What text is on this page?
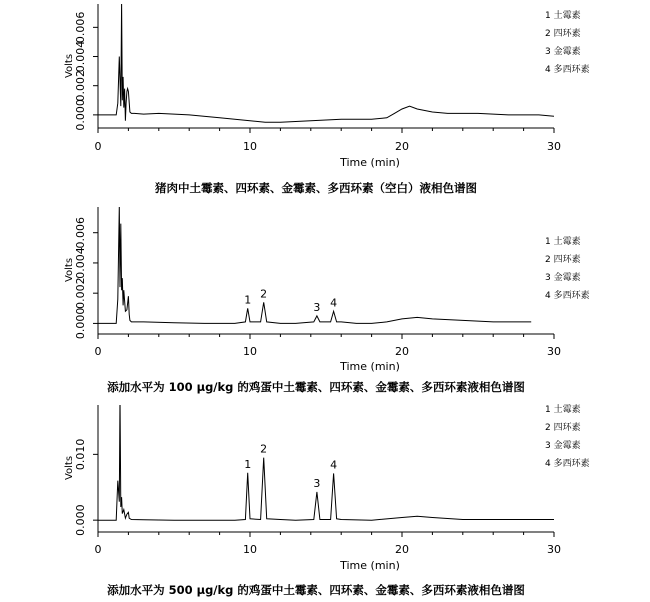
0	10	20	30
0.000
0.002
0.004
0.006
Volts
Time (min)
1 土霉素
2 四环素
3 金霉素
4 多西环素
猪肉中土霉素、四环素、金霉素、多西环素（空白）液相色谱图
0	10	20	30
0.000
0.002
0.004
0.006
Volts
Time (min)
1 2
3 4
1 土霉素
2 四环素
3 金霉素
4 多西环素
添加水平为 100 μg/kg 的鸡蛋中土霉素、四环素、金霉素、多西环素液相色谱图
0	10	20	30
0.000
0.010
Volts
Time (min)
1
2
3
4
1 土霉素
2 四环素
3 金霉素
4 多西环素
添加水平为 500 μg/kg 的鸡蛋中土霉素、四环素、金霉素、多西环素液相色谱图
